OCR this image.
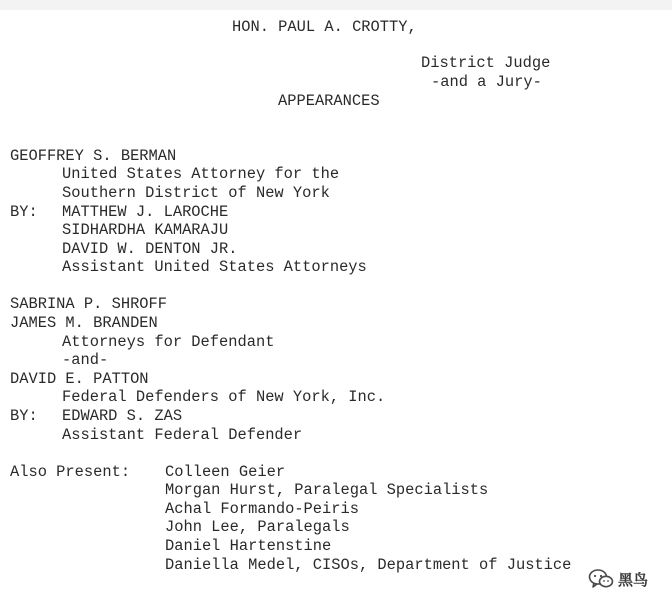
HON. PAUL A. CROTTY,
District Judge
-and a Jury-
APPEARANCES
GEOFFREY S. BERMAN
United States Attorney for the
Southern District of New York
BY: MATTHEW J. LAROCHE
SIDHARDHA KAMARAJU
DAVID W. DENTON JR.
Assistant United States Attorneys
SABRINA P. SHROFF
JAMES M. BRANDEN
Attorneys for Defendant
-and-
DAVID E. PATTON
Federal Defenders of New York, Inc.
BY: EDWARD S. ZAS
Assistant Federal Defender
Also Present: Colleen Geier
Morgan Hurst, Paralegal Specialists
Achal Formando-Peiris
John Lee, Paralegals
Daniel Hartenstine
Daniella Medel, CISOs, Department of Justice
黑鸟
